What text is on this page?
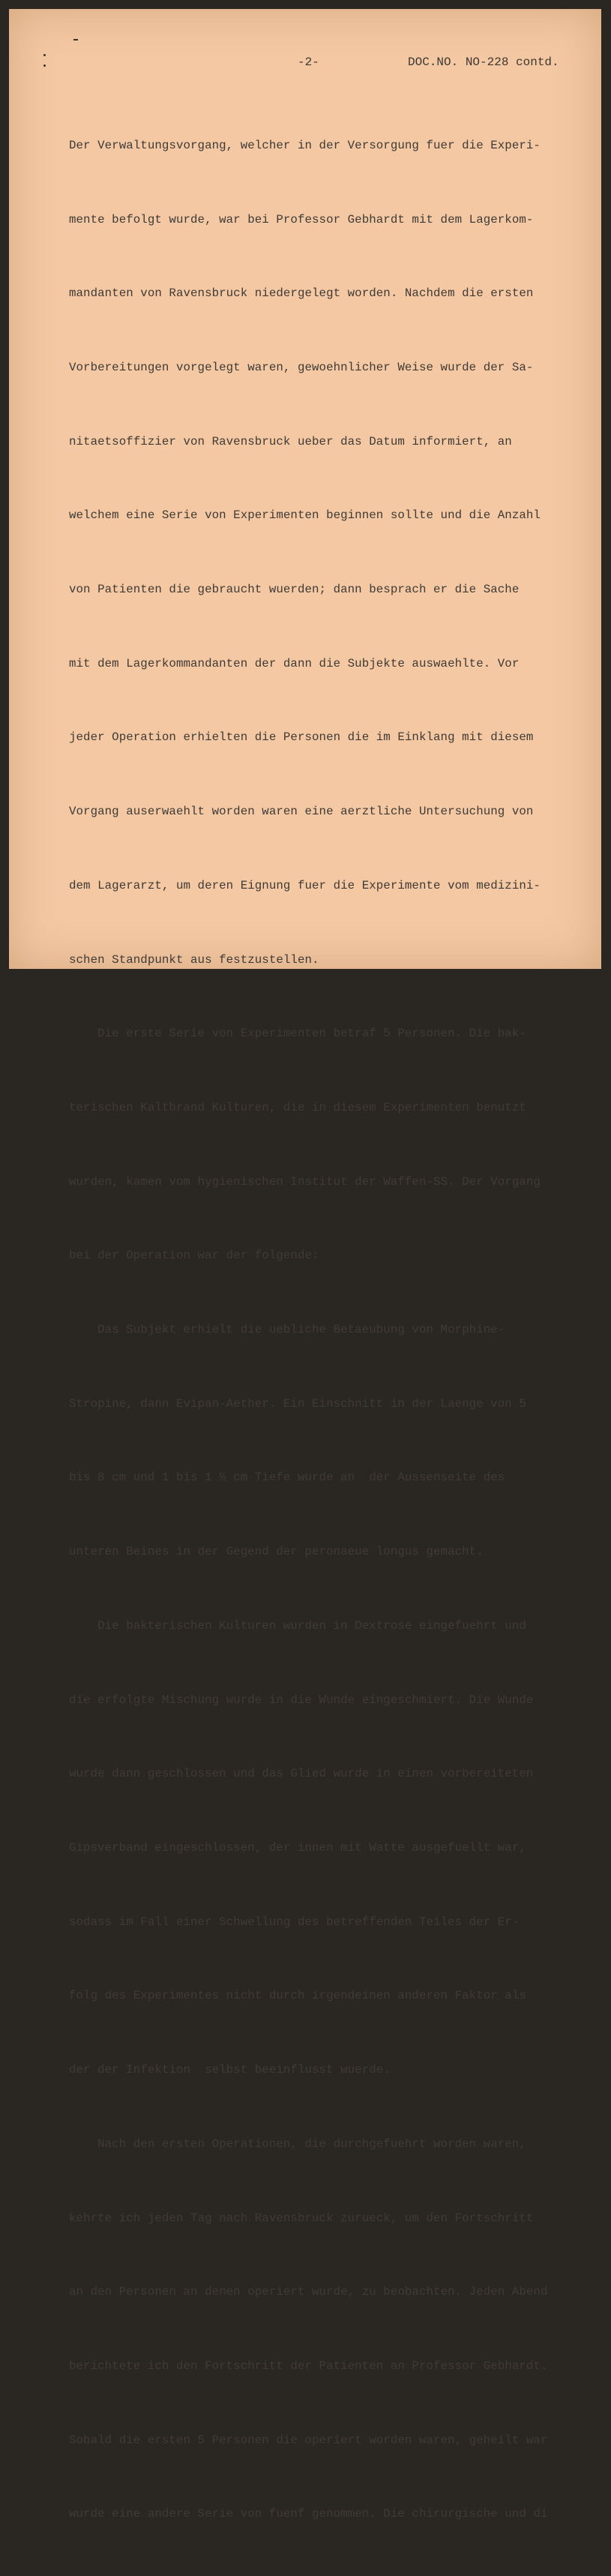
-2-	DOC.NO. NO-228 contd.

Der Verwaltungsvorgang, welcher in der Versorgung fuer die Experi-

mente befolgt wurde, war bei Professor Gebhardt mit dem Lagerkom-

mandanten von Ravensbruck niedergelegt worden. Nachdem die ersten

Vorbereitungen vorgelegt waren, gewoehnlicher Weise wurde der Sa-

nitaetsoffizier von Ravensbruck ueber das Datum informiert, an

welchem eine Serie von Experimenten beginnen sollte und die Anzahl

von Patienten die gebraucht wuerden; dann besprach er die Sache

mit dem Lagerkommandanten der dann die Subjekte auswaehlte. Vor

jeder Operation erhielten die Personen die im Einklang mit diesem

Vorgang auserwaehlt worden waren eine aerztliche Untersuchung von

dem Lagerarzt, um deren Eignung fuer die Experimente vom medizini-

schen Standpunkt aus festzustellen.

Die erste Serie von Experimenten betraf 5 Personen. Die bak-

terischen Kaltbrand Kulturen, die in diesem Experimenten benutzt

wurden, kamen vom hygienischen Institut der Waffen-SS. Der Vorgang

bei der Operation war der folgende:

Das Subjekt erhielt die uebliche Betaeubung von Morphine-

Stropine, dann Evipan-Aether. Ein Einschnitt in der Laenge von 5

bis 8 cm und 1 bis 1 ½ cm Tiefe wurde an  der Aussenseite des

unteren Beines in der Gegend der peronaeue longus gemacht.

Die bakterischen Kulturen wurden in Dextrose eingefuehrt und

die erfolgte Mischung wurde in die Wunde eingeschmiert. Die Wunde

wurde dann geschlossen und das Glied wurde in einen vorbereiteten

Gipsverband eingeschlossen, der innen mit Watte ausgefuellt war,

sodass im Fall einer Schwellung des betreffenden Teiles der Er-

folg des Experimentes nicht durch irgendeinen anderen Faktor als

der der Infektion  selbst beeinflusst wuerde.

Nach den ersten Operationen, die durchgefuehrt worden waren,

kehrte ich jeden Tag nach Ravensbruck zurueck, um den Fortschritt

an den Personen an denen operiert wurde, zu beobachten. Jeden Abend

berichtete ich den Fortschritt der Patienten an Professor Gebhardt.

Sobald die ersten 5 Personen die operiert worden waren, geheilt war

wurde eine andere Serie von fuenf genommen. Die chirurgische und di
